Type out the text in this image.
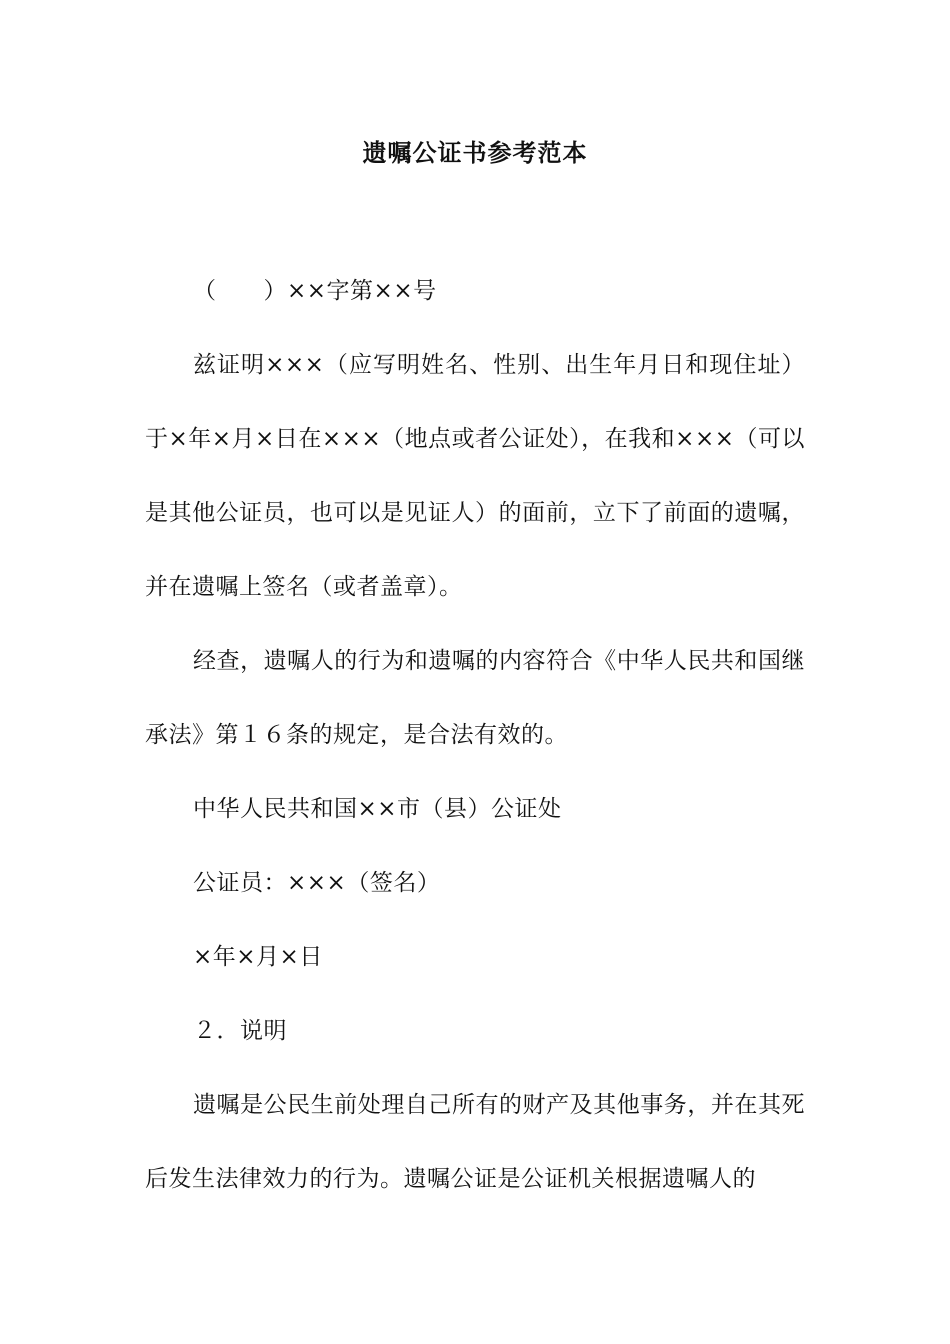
遗嘱公证书参考范本

（　　）××字第××号

兹证明×××（应写明姓名、性别、出生年月日和现住址）于×年×月×日在×××（地点或者公证处），在我和×××（可以是其他公证员，也可以是见证人）的面前，立下了前面的遗嘱，并在遗嘱上签名（或者盖章）。

经查，遗嘱人的行为和遗嘱的内容符合《中华人民共和国继承法》第１６条的规定，是合法有效的。

中华人民共和国××市（县）公证处

公证员：×××（签名）

×年×月×日

２．说明

遗嘱是公民生前处理自己所有的财产及其他事务，并在其死后发生法律效力的行为。遗嘱公证是公证机关根据遗嘱人的
